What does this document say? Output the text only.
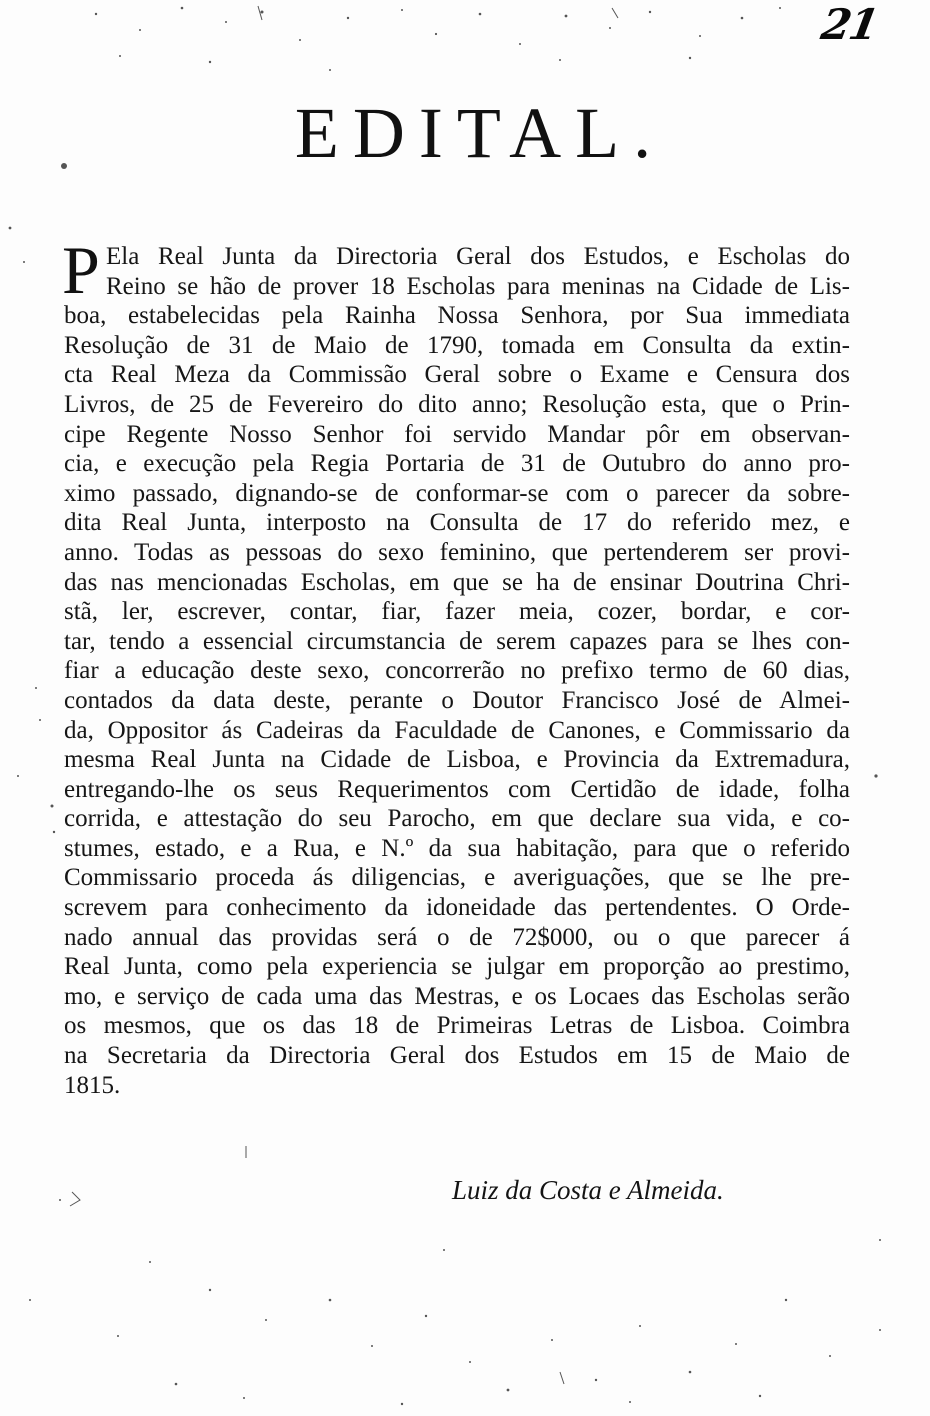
21
EDITAL.
P Ela Real Junta da Directoria Geral dos Estudos, e Escholas do
Reino se hão de prover 18 Escholas para meninas na Cidade de Lis-
boa, estabelecidas pela Rainha Nossa Senhora, por Sua immediata
Resolução de 31 de Maio de 1790, tomada em Consulta da extin-
cta Real Meza da Commissão Geral sobre o Exame e Censura dos
Livros, de 25 de Fevereiro do dito anno; Resolução esta, que o Prin-
cipe Regente Nosso Senhor foi servido Mandar pôr em observan-
cia, e execução pela Regia Portaria de 31 de Outubro do anno pro-
ximo passado, dignando-se de conformar-se com o parecer da sobre-
dita Real Junta, interposto na Consulta de 17 do referido mez, e
anno. Todas as pessoas do sexo feminino, que pertenderem ser provi-
das nas mencionadas Escholas, em que se ha de ensinar Doutrina Chri-
stã, ler, escrever, contar, fiar, fazer meia, cozer, bordar, e cor-
tar, tendo a essencial circumstancia de serem capazes para se lhes con-
fiar a educação deste sexo, concorrerão no prefixo termo de 60 dias,
contados da data deste, perante o Doutor Francisco José de Almei-
da, Oppositor ás Cadeiras da Faculdade de Canones, e Commissario da
mesma Real Junta na Cidade de Lisboa, e Provincia da Extremadura,
entregando-lhe os seus Requerimentos com Certidão de idade, folha
corrida, e attestação do seu Parocho, em que declare sua vida, e co-
stumes, estado, e a Rua, e N.º da sua habitação, para que o referido
Commissario proceda ás diligencias, e averiguações, que se lhe pre-
screvem para conhecimento da idoneidade das pertendentes. O Orde-
nado annual das providas será o de 72$000, ou o que parecer á
Real Junta, como pela experiencia se julgar em proporção ao prestimo,
mo, e serviço de cada uma das Mestras, e os Locaes das Escholas serão
os mesmos, que os das 18 de Primeiras Letras de Lisboa. Coimbra
na Secretaria da Directoria Geral dos Estudos em 15 de Maio de
1815.
Luiz da Costa e Almeida.
